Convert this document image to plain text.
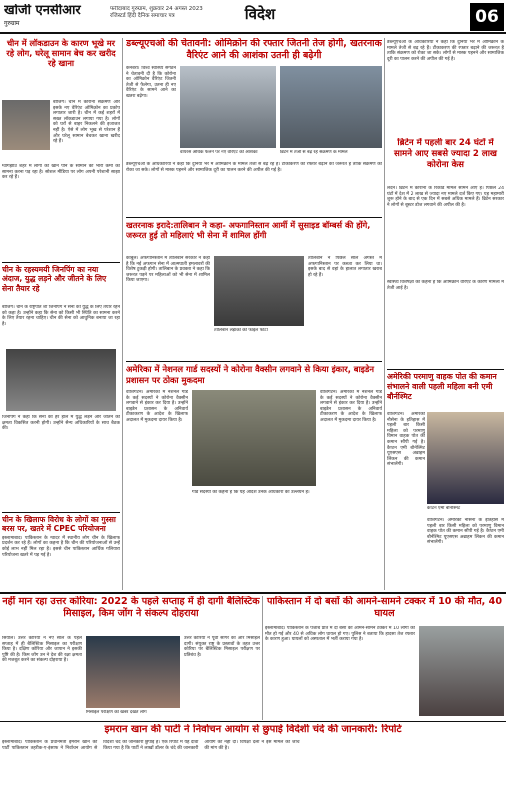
खोजी एनसीआर
गुरुग्राम
फरीदाबाद गुरुग्राम, शुक्रवार 24 अगस्त 2023
रजिस्टर्ड हिंदी दैनिक समाचार पत्र	विदेश	06
चीन में लॉकडाउन के कारण भूखे मर रहे लोग, घरेलू सामान बेच कर खरीद रहे खाना
बीजिंग। चीन में कोरोना संक्रमण और इसके नए वेरिएंट ओमिक्रोन का प्रकोप लगातार जारी है। चीन में कई शहरों में सख्त लॉकडाउन लगाया गया है। लोगों को घरों से बाहर निकलने की इजाजत नहीं है। ऐसे में लोग भूख से परेशान हैं और घरेलू सामान बेचकर खाना खरीद रहे हैं।
ग्वांगझोउ शहर में लोगों को खाने पीने के सामान की भारी कमी का सामना करना पड़ रहा है। सोशल मीडिया पर लोग अपनी परेशानी साझा कर रहे हैं।
चीन के रहस्यमयी जिनपिंग का नया अंदाज, युद्ध लड़ने और जीतने के लिए सेना तैयार रहे
बीजिंग। चीन के राष्ट्रपति शी जिनपिंग ने सेना को युद्ध के लिए तैयार रहने को कहा है। उन्होंने कहा कि सेना को किसी भी स्थिति का सामना करने के लिए तैयार रहना चाहिए। चीन की सेना को आधुनिक बनाया जा रहा है।
जिनपिंग ने कहा कि सेना को हर हाल में युद्ध लड़ने और जीतने की क्षमता विकसित करनी होगी। उन्होंने सैन्य अधिकारियों के साथ बैठक की।
चीन के खिलाफ विरोध के लोगों का गुस्सा बरस पर, खतरे में CPEC परियोजना
इस्लामाबाद। पाकिस्तान के ग्वादर में स्थानीय लोग चीन के खिलाफ प्रदर्शन कर रहे हैं। लोगों का कहना है कि चीन की परियोजनाओं से उन्हें कोई लाभ नहीं मिल रहा है। इससे चीन पाकिस्तान आर्थिक गलियारा परियोजना खतरे में पड़ गई है।
डब्ल्यूएचओ की चेतावनी: ओमिक्रोन की रफ्तार जितनी तेज होगी, खतरनाक वैरिएंट आने की आशंका उतनी ही बढ़ेगी
कैनबरा। विश्व स्वास्थ्य संगठन ने चेतावनी दी है कि कोरोना का ओमिक्रोन वैरिएंट जितनी तेजी से फैलेगा, उतना ही नए वैरिएंट के सामने आने का खतरा बढ़ेगा।
वायरस अधिक फैलने पर नए वेरिएंट की आशंका	ब्रिटेन में तेजी से बढ़ रहे संक्रमण के मामले
डब्ल्यूएचओ के अधिकारियों ने कहा कि दुनिया भर में ओमिक्रोन के मामले तेजी से बढ़ रहे हैं। टीकाकरण की रफ्तार बढ़ाने की जरूरत है ताकि संक्रमण को रोका जा सके। लोगों से मास्क पहनने और सामाजिक दूरी का पालन करने की अपील की गई है।
खतरनाक इरादे:तालिबान ने कहा- अफगानिस्तान आर्मी में सुसाइड बॉम्बर्स की होंगे, जरूरत हुई तो महिलाएं भी सेना में शामिल होंगी
काबुल। अफगानिस्तान में तालिबान सरकार ने कहा है कि नई अफगान सेना में आत्मघाती हमलावरों की विशेष टुकड़ी होगी। तालिबान के प्रवक्ता ने कहा कि जरूरत पड़ने पर महिलाओं को भी सेना में शामिल किया जाएगा।
तालिबान लड़ाकों की फाइल फोटो
तालिबान ने पिछले साल अगस्त में अफगानिस्तान पर कब्जा कर लिया था। इसके बाद से वहां के हालात लगातार खराब हो रहे हैं।
अमेरिका में नेशनल गार्ड सदस्यों ने कोरोना वैक्सीन लगवाने से किया इंकार, बाइडेन प्रशासन पर ठोका मुकदमा
वॉशिंगटन। अमेरिका में नेशनल गार्ड के कई सदस्यों ने कोरोना वैक्सीन लगवाने से इंकार कर दिया है। उन्होंने बाइडेन प्रशासन के अनिवार्य टीकाकरण के आदेश के खिलाफ अदालत में मुकदमा दायर किया है।
गार्ड सदस्यों का कहना है कि यह आदेश उनके अधिकारों का उल्लंघन है।
वॉशिंगटन। अमेरिका में नेशनल गार्ड के कई सदस्यों ने कोरोना वैक्सीन लगवाने से इंकार कर दिया है। उन्होंने बाइडेन प्रशासन के अनिवार्य टीकाकरण के आदेश के खिलाफ अदालत में मुकदमा दायर किया है।
डब्ल्यूएचओ के अधिकारियों ने कहा कि दुनिया भर में ओमिक्रोन के मामले तेजी से बढ़ रहे हैं। टीकाकरण की रफ्तार बढ़ाने की जरूरत है ताकि संक्रमण को रोका जा सके। लोगों से मास्क पहनने और सामाजिक दूरी का पालन करने की अपील की गई है।
ब्रिटेन में पहली बार 24 घंटों में सामने आए सबसे ज्यादा 2 लाख कोरोना केस
लंदन। ब्रिटेन में कोरोना के रिकॉर्ड मामले सामने आए हैं। पिछले 24 घंटों में देश में 2 लाख से ज्यादा नए मामले दर्ज किए गए। यह महामारी शुरू होने के बाद से एक दिन में सबसे अधिक मामले हैं। ब्रिटेन सरकार ने लोगों से बूस्टर डोज लगवाने की अपील की है।
स्वास्थ्य विशेषज्ञों का कहना है कि ओमिक्रोन वैरिएंट के कारण मामलों में तेजी आई है।
अमेरिकी परमाणु वाहक पोत की कमान संभालने वाली पहली महिला बनी एमी बौर्नश्मिट
वॉशिंगटन। अमेरिकी नौसेना के इतिहास में पहली बार किसी महिला को परमाणु विमान वाहक पोत की कमान सौंपी गई है। कैप्टन एमी बौर्नश्मिट यूएसएस अब्राहम लिंकन की कमान संभालेंगी।
कैप्टन एमी बौर्नश्मिट
वॉशिंगटन। अमेरिकी नौसेना के इतिहास में पहली बार किसी महिला को परमाणु विमान वाहक पोत की कमान सौंपी गई है। कैप्टन एमी बौर्नश्मिट यूएसएस अब्राहम लिंकन की कमान संभालेंगी।
नहीं मान रहा उत्तर कोरिया: 2022 के पहले सप्ताह में ही दागी बैलिस्टिक मिसाइल, किम जोंग ने संकल्प दोहराया
सियोल। उत्तर कोरिया ने नए साल के पहले सप्ताह में ही बैलिस्टिक मिसाइल का परीक्षण किया है। दक्षिण कोरिया और जापान ने इसकी पुष्टि की है। किम जोंग उन ने देश की रक्षा क्षमता को मजबूत करने का संकल्प दोहराया है।
मिसाइल परीक्षण की खबर देखते लोग
उत्तर कोरिया ने पूर्वी सागर की ओर मिसाइल दागी। संयुक्त राष्ट्र के प्रस्तावों के तहत उत्तर कोरिया पर बैलिस्टिक मिसाइल परीक्षण पर प्रतिबंध है।
पाकिस्तान में दो बसों की आमने-सामने टक्कर में 10 की मौत, 40 घायल
इस्लामाबाद। पाकिस्तान के पंजाब प्रांत में दो बसों की आमने-सामने टक्कर में 10 लोगों की मौत हो गई और 40 से अधिक लोग घायल हो गए। पुलिस ने बताया कि हादसा तेज रफ्तार के कारण हुआ। घायलों को अस्पताल में भर्ती कराया गया है।
इमरान खान की पार्टी ने निर्वाचन आयोग से छुपाई विदेशी चंदे की जानकारी: रिपोर्ट
इस्लामाबाद। पाकिस्तान के प्रधानमंत्री इमरान खान की पार्टी पाकिस्तान तहरीक-ए-इंसाफ ने निर्वाचन आयोग से विदेशी चंदे की जानकारी छुपाई है। एक रिपोर्ट में यह दावा किया गया है कि पार्टी ने लाखों डॉलर के चंदे की जानकारी आयोग को नहीं दी। विपक्षी दलों ने इस मामले की जांच की मांग की है।
